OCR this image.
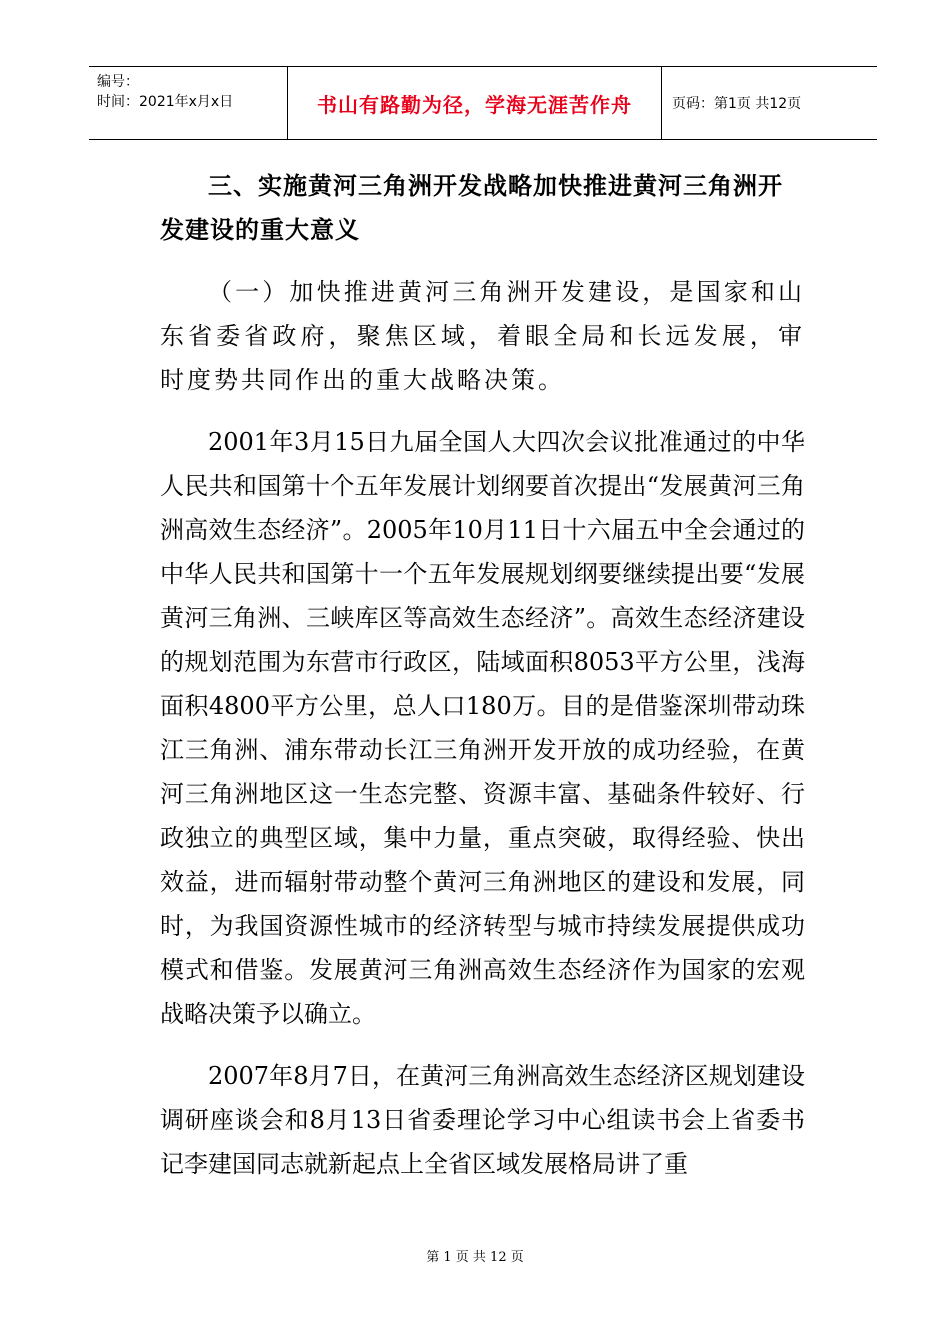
编号：
时间：2021年x月x日	书山有路勤为径，学海无涯苦作舟	页码：第1页 共12页
三、实施黄河三角洲开发战略加快推进黄河三角洲开发建设的重大意义

（一）加快推进黄河三角洲开发建设，是国家和山东省委省政府，聚焦区域，着眼全局和长远发展，审时度势共同作出的重大战略决策。

2001年3月15日九届全国人大四次会议批准通过的中华人民共和国第十个五年发展计划纲要首次提出“发展黄河三角洲高效生态经济”。2005年10月11日十六届五中全会通过的中华人民共和国第十一个五年发展规划纲要继续提出要“发展黄河三角洲、三峡库区等高效生态经济”。高效生态经济建设的规划范围为东营市行政区，陆域面积8053平方公里，浅海面积4800平方公里，总人口180万。目的是借鉴深圳带动珠江三角洲、浦东带动长江三角洲开发开放的成功经验，在黄河三角洲地区这一生态完整、资源丰富、基础条件较好、行政独立的典型区域，集中力量，重点突破，取得经验、快出效益，进而辐射带动整个黄河三角洲地区的建设和发展，同时，为我国资源性城市的经济转型与城市持续发展提供成功模式和借鉴。发展黄河三角洲高效生态经济作为国家的宏观战略决策予以确立。

2007年8月7日，在黄河三角洲高效生态经济区规划建设调研座谈会和8月13日省委理论学习中心组读书会上省委书记李建国同志就新起点上全省区域发展格局讲了重

第 1 页 共 12 页
